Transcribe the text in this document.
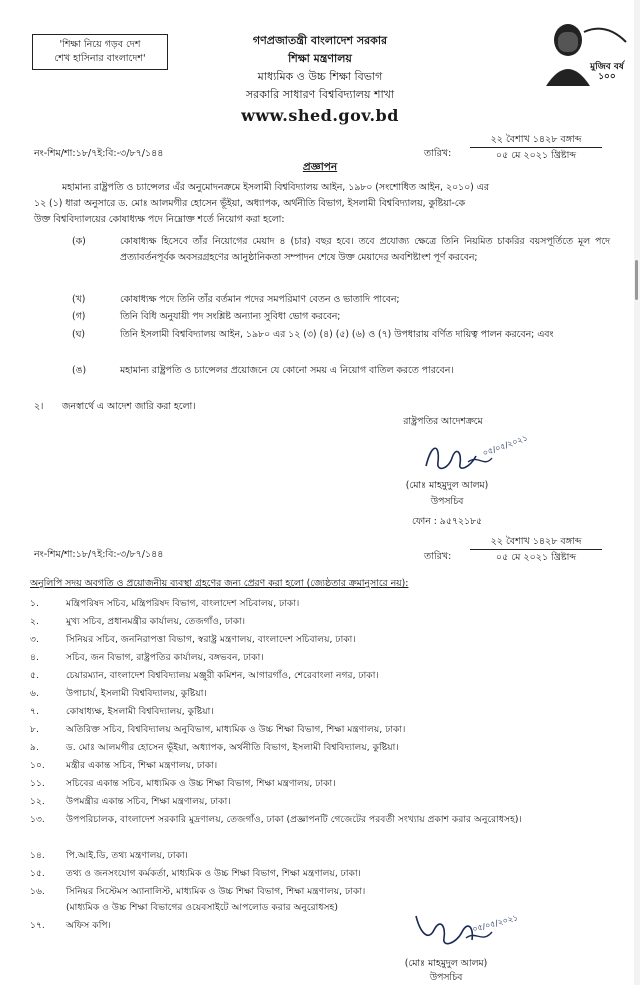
'শিক্ষা নিয়ে গড়ব দেশ
শেখ হাসিনার বাংলাদেশ'
গণপ্রজাতন্ত্রী বাংলাদেশ সরকার
শিক্ষা মন্ত্রণালয়
মাধ্যমিক ও উচ্চ শিক্ষা বিভাগ
সরকারি সাধারণ বিশ্ববিদ্যালয় শাখা
www.shed.gov.bd
মুজিব বর্ষ ১০০
নং-শিম/শা:১৮/৭ই:বি:-৩/৮৭/১৪৪	তারিখ:
২২ বৈশাখ ১৪২৮ বঙ্গাব্দ
০৫ মে ২০২১ খ্রিষ্টাব্দ
প্রজ্ঞাপন
মহামান্য রাষ্ট্রপতি ও চ্যান্সেলর এঁর অনুমোদনক্রমে ইসলামী বিশ্ববিদ্যালয় আইন, ১৯৮০ (সংশোধিত আইন, ২০১০) এর
১২ (১) ধারা অনুসারে ড. মোঃ আলমগীর হোসেন ভূঁইয়া, অধ্যাপক, অর্থনীতি বিভাগ, ইসলামী বিশ্ববিদ্যালয়, কুষ্টিয়া-কে
উক্ত বিশ্ববিদ্যালয়ের কোষাধ্যক্ষ পদে নিম্নোক্ত শর্তে নিয়োগ করা হলো:
(ক)	কোষাধ্যক্ষ হিসেবে তাঁর নিয়োগের মেয়াদ ৪ (চার) বছর হবে। তবে প্রযোজ্য ক্ষেত্রে তিনি নিয়মিত চাকরির বয়সপূর্তিতে মূল পদে প্রত্যাবর্তনপূর্বক অবসরগ্রহণের আনুষ্ঠানিকতা সম্পাদন শেষে উক্ত মেয়াদের অবশিষ্টাংশ পূর্ণ করবেন;
(খ)	কোষাধ্যক্ষ পদে তিনি তাঁর বর্তমান পদের সমপরিমাণ বেতন ও ভাতাদি পাবেন;
(গ)	তিনি বিধি অনুযায়ী পদ সংশ্লিষ্ট অন্যান্য সুবিধা ভোগ করবেন;
(ঘ)	তিনি ইসলামী বিশ্ববিদ্যালয় আইন, ১৯৮০ এর ১২ (৩) (৪) (৫) (৬) ও (৭) উপধারায় বর্ণিত দায়িত্ব পালন করবেন; এবং
(ঙ)	মহামান্য রাষ্ট্রপতি ও চ্যান্সেলর প্রয়োজনে যে কোনো সময় এ নিয়োগ বাতিল করতে পারবেন।
২।	জনস্বার্থে এ আদেশ জারি করা হলো।
রাষ্ট্রপতির আদেশক্রমে
০৫/০৫/২০২১
(মোঃ মাহমুদুল আলম)
উপসচিব
ফোন : ৯৫৭২১৮৫
নং-শিম/শা:১৮/৭ই:বি:-৩/৮৭/১৪৪	তারিখ:
২২ বৈশাখ ১৪২৮ বঙ্গাব্দ
০৫ মে ২০২১ খ্রিষ্টাব্দ
অনুলিপি সদয় অবগতি ও প্রয়োজনীয় ব্যবস্থা গ্রহণের জন্য প্রেরণ করা হলো (জ্যেষ্ঠতার ক্রমানুসারে নয়):
১.	মন্ত্রিপরিষদ সচিব, মন্ত্রিপরিষদ বিভাগ, বাংলাদেশ সচিবালয়, ঢাকা।
২.	মুখ্য সচিব, প্রধানমন্ত্রীর কার্যালয়, তেজগাঁও, ঢাকা।
৩.	সিনিয়র সচিব, জননিরাপত্তা বিভাগ, স্বরাষ্ট্র মন্ত্রণালয়, বাংলাদেশ সচিবালয়, ঢাকা।
৪.	সচিব, জন বিভাগ, রাষ্ট্রপতির কার্যালয়, বঙ্গভবন, ঢাকা।
৫.	চেয়ারম্যান, বাংলাদেশ বিশ্ববিদ্যালয় মঞ্জুরী কমিশন, আগারগাঁও, শেরেবাংলা নগর, ঢাকা।
৬.	উপাচার্য, ইসলামী বিশ্ববিদ্যালয়, কুষ্টিয়া।
৭.	কোষাধ্যক্ষ, ইসলামী বিশ্ববিদ্যালয়, কুষ্টিয়া।
৮.	অতিরিক্ত সচিব, বিশ্ববিদ্যালয় অনুবিভাগ, মাধ্যমিক ও উচ্চ শিক্ষা বিভাগ, শিক্ষা মন্ত্রণালয়, ঢাকা।
৯.	ড. মোঃ আলমগীর হোসেন ভূঁইয়া, অধ্যাপক, অর্থনীতি বিভাগ, ইসলামী বিশ্ববিদ্যালয়, কুষ্টিয়া।
১০. মন্ত্রীর একান্ত সচিব, শিক্ষা মন্ত্রণালয়, ঢাকা।
১১. সচিবের একান্ত সচিব, মাধ্যমিক ও উচ্চ শিক্ষা বিভাগ, শিক্ষা মন্ত্রণালয়, ঢাকা।
১২. উপমন্ত্রীর একান্ত সচিব, শিক্ষা মন্ত্রণালয়, ঢাকা।
১৩. উপপরিচালক, বাংলাদেশ সরকারি মুদ্রণালয়, তেজগাঁও, ঢাকা (প্রজ্ঞাপনটি গেজেটের পরবর্তী সংখ্যায় প্রকাশ করার অনুরোধসহ)।
১৪. পি.আই.ডি, তথ্য মন্ত্রণালয়, ঢাকা।
১৫. তথ্য ও জনসংযোগ কর্মকর্তা, মাধ্যমিক ও উচ্চ শিক্ষা বিভাগ, শিক্ষা মন্ত্রণালয়, ঢাকা।
১৬. সিনিয়র সিস্টেমস অ্যানালিস্ট, মাধ্যমিক ও উচ্চ শিক্ষা বিভাগ, শিক্ষা মন্ত্রণালয়, ঢাকা।
(মাধ্যমিক ও উচ্চ শিক্ষা বিভাগের ওয়েবসাইটে আপলোড করার অনুরোধসহ)
১৭. অফিস কপি।	০৫/০৫/২০২১
(মোঃ মাহমুদুল আলম)
উপসচিব
